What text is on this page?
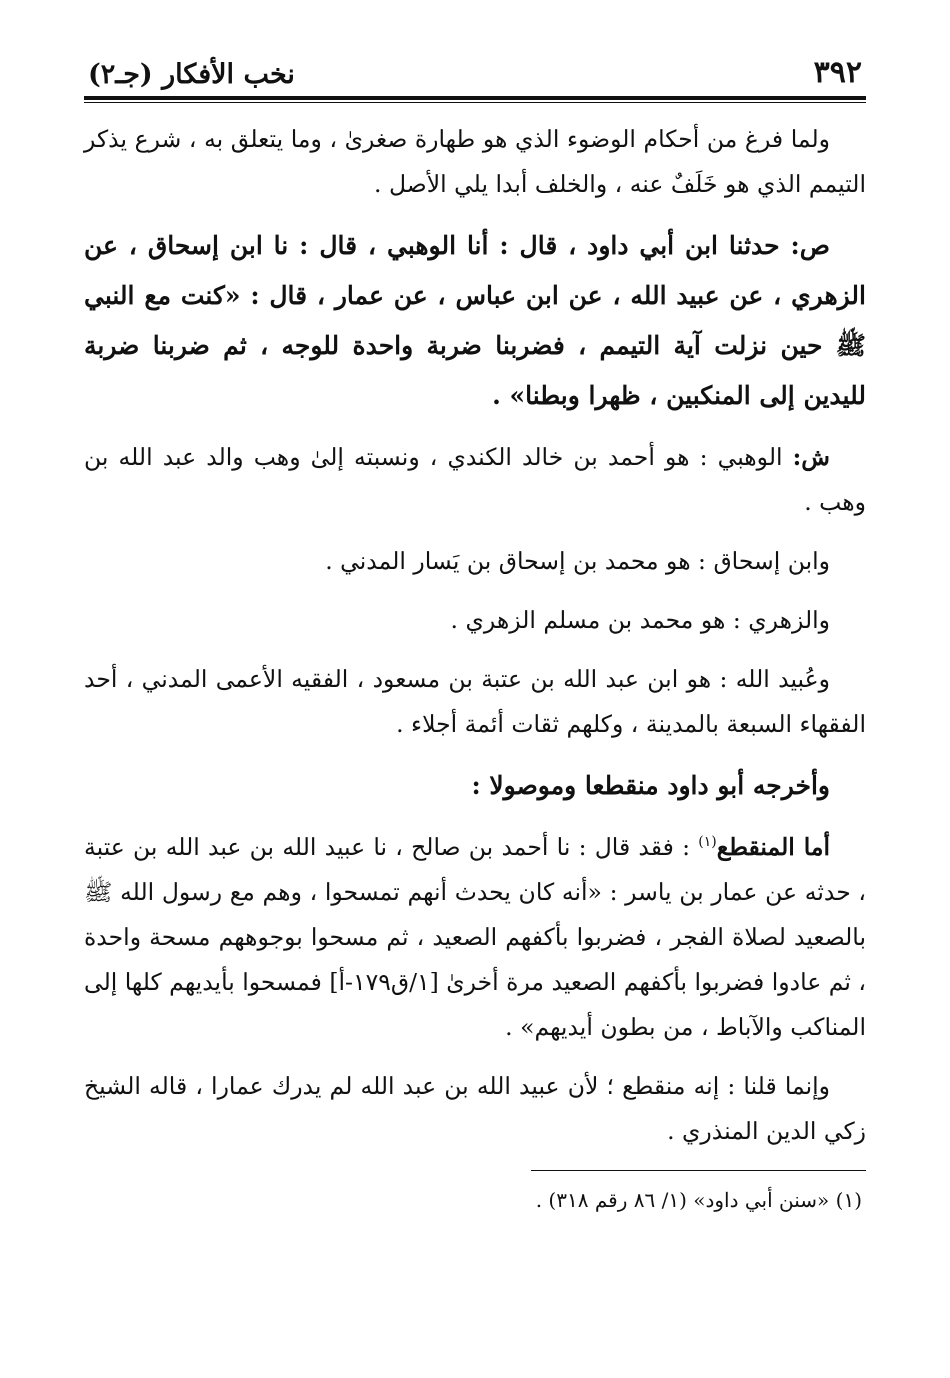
٣٩٢
نخب الأفكار (جـ٢)

ولما فرغ من أحكام الوضوء الذي هو طهارة صغرىٰ ، وما يتعلق به ، شرع يذكر التيمم الذي هو خَلَفٌ عنه ، والخلف أبدا يلي الأصل .

ص: حدثنا ابن أبي داود ، قال : أنا الوهبي ، قال : نا ابن إسحاق ، عن الزهري ، عن عبيد الله ، عن ابن عباس ، عن عمار ، قال : «كنت مع النبي ﷺ حين نزلت آية التيمم ، فضربنا ضربة واحدة للوجه ، ثم ضربنا ضربة لليدين إلى المنكبين ، ظهرا وبطنا» .

ش: الوهبي : هو أحمد بن خالد الكندي ، ونسبته إلىٰ وهب والد عبد الله بن وهب .

وابن إسحاق : هو محمد بن إسحاق بن يَسار المدني .

والزهري : هو محمد بن مسلم الزهري .

وعُبيد الله : هو ابن عبد الله بن عتبة بن مسعود ، الفقيه الأعمى المدني ، أحد الفقهاء السبعة بالمدينة ، وكلهم ثقات أئمة أجلاء .

وأخرجه أبو داود منقطعا وموصولا :

أما المنقطع$^{(١)}$ : فقد قال : نا أحمد بن صالح ، نا عبيد الله بن عبد الله بن عتبة ، حدثه عن عمار بن ياسر : «أنه كان يحدث أنهم تمسحوا ، وهم مع رسول الله ﷺ بالصعيد لصلاة الفجر ، فضربوا بأكفهم الصعيد ، ثم مسحوا بوجوههم مسحة واحدة ، ثم عادوا فضربوا بأكفهم الصعيد مرة أخرىٰ [١/ق١٧٩-أ] فمسحوا بأيديهم كلها إلى المناكب والآباط ، من بطون أيديهم» .

وإنما قلنا : إنه منقطع ؛ لأن عبيد الله بن عبد الله لم يدرك عمارا ، قاله الشيخ زكي الدين المنذري .

(١) «سنن أبي داود» (١/ ٨٦ رقم ٣١٨) .
